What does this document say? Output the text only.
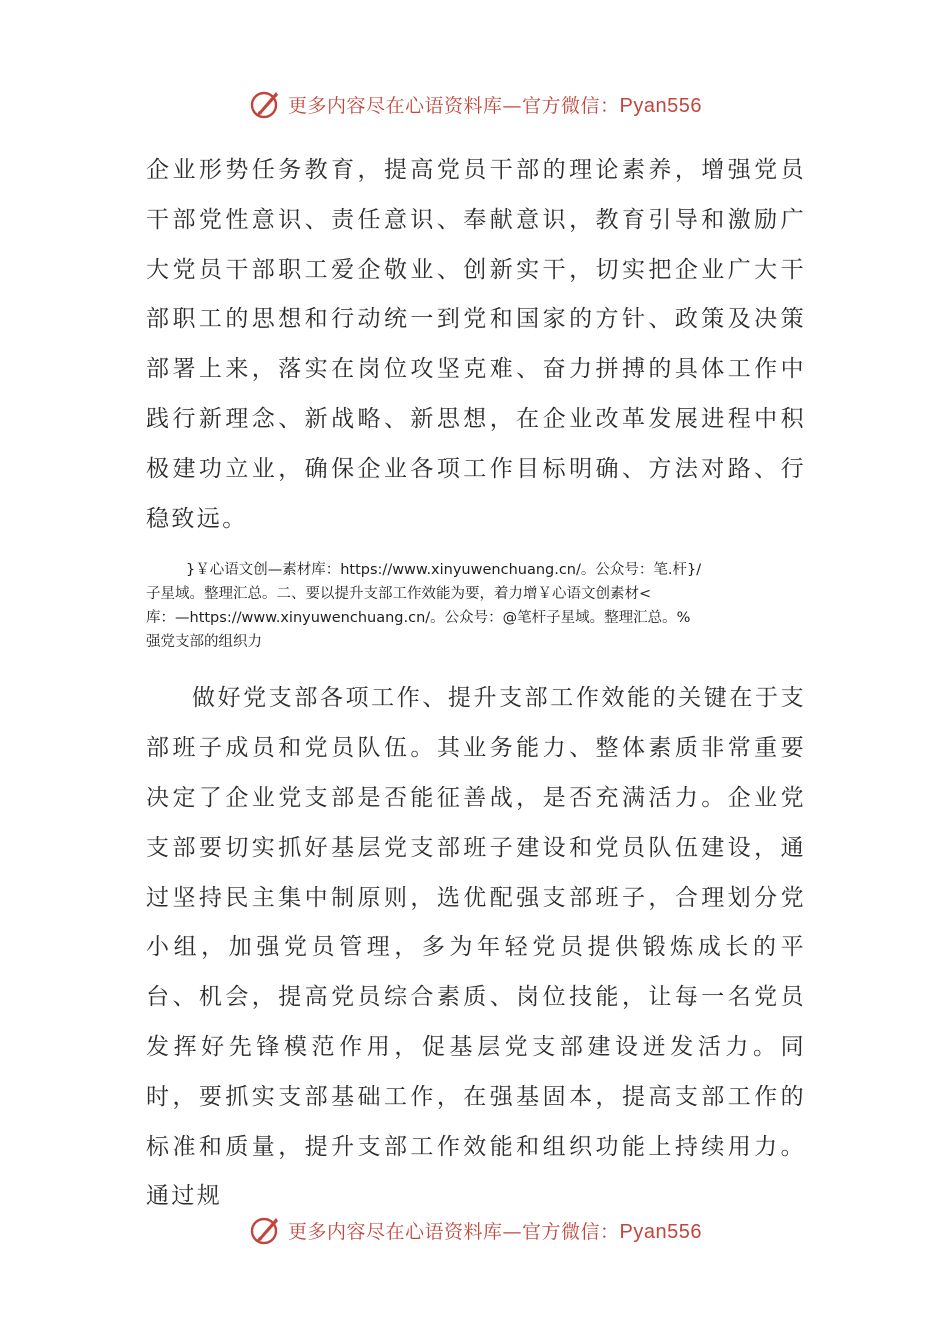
更多内容尽在心语资料库—官方微信：Pyan556

企业形势任务教育，提高党员干部的理论素养，增强党员干部党性意识、责任意识、奉献意识，教育引导和激励广大党员干部职工爱企敬业、创新实干，切实把企业广大干部职工的思想和行动统一到党和国家的方针、政策及决策部署上来，落实在岗位攻坚克难、奋力拼搏的具体工作中践行新理念、新战略、新思想，在企业改革发展进程中积极建功立业，确保企业各项工作目标明确、方法对路、行稳致远。

}￥心语文创—素材库：https://www.xinyuwenchuang.cn/。公众号：笔.杆}/
子星域。整理汇总。二、要以提升支部工作效能为要，着力增￥心语文创素材<
库：—https://www.xinyuwenchuang.cn/。公众号：@笔杆子星域。整理汇总。%
强党支部的组织力

做好党支部各项工作、提升支部工作效能的关键在于支部班子成员和党员队伍。其业务能力、整体素质非常重要决定了企业党支部是否能征善战，是否充满活力。企业党支部要切实抓好基层党支部班子建设和党员队伍建设，通过坚持民主集中制原则，选优配强支部班子，合理划分党小组，加强党员管理，多为年轻党员提供锻炼成长的平台、机会，提高党员综合素质、岗位技能，让每一名党员发挥好先锋模范作用，促基层党支部建设迸发活力。同时，要抓实支部基础工作，在强基固本，提高支部工作的标准和质量，提升支部工作效能和组织功能上持续用力。通过规

更多内容尽在心语资料库—官方微信：Pyan556
